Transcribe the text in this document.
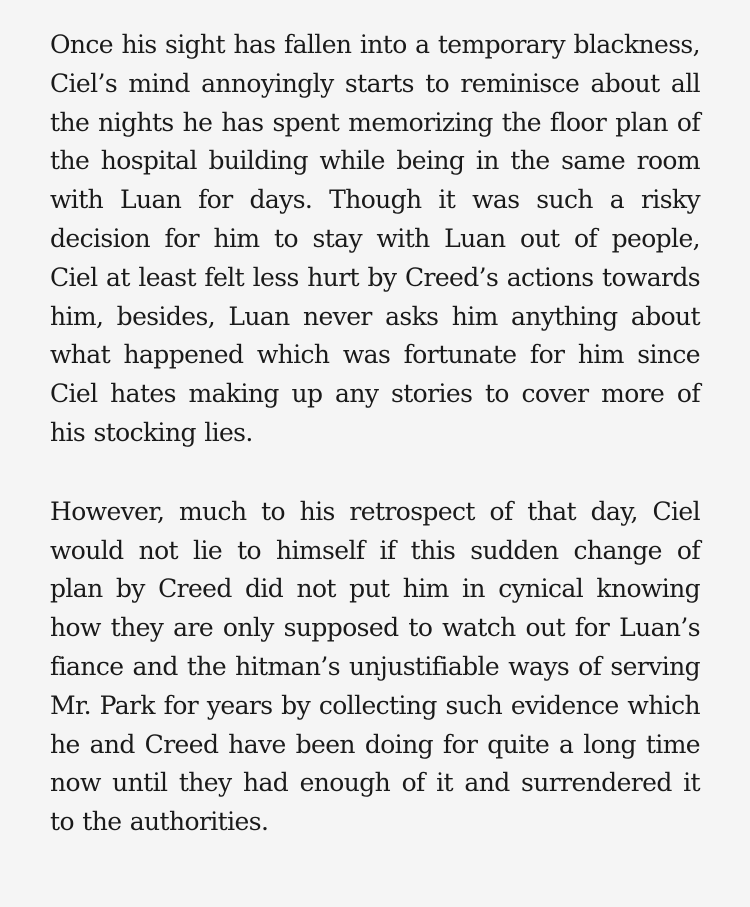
Once his sight has fallen into a temporary blackness, Ciel’s mind annoyingly starts to reminisce about all the nights he has spent memorizing the floor plan of the hospital building while being in the same room with Luan for days. Though it was such a risky decision for him to stay with Luan out of people, Ciel at least felt less hurt by Creed’s actions towards him, besides, Luan never asks him anything about what happened which was fortunate for him since Ciel hates making up any stories to cover more of his stocking lies.

However, much to his retrospect of that day, Ciel would not lie to himself if this sudden change of plan by Creed did not put him in cynical knowing how they are only supposed to watch out for Luan’s fiance and the hitman’s unjustifiable ways of serving Mr. Park for years by collecting such evidence which he and Creed have been doing for quite a long time now until they had enough of it and surrendered it to the authorities.
